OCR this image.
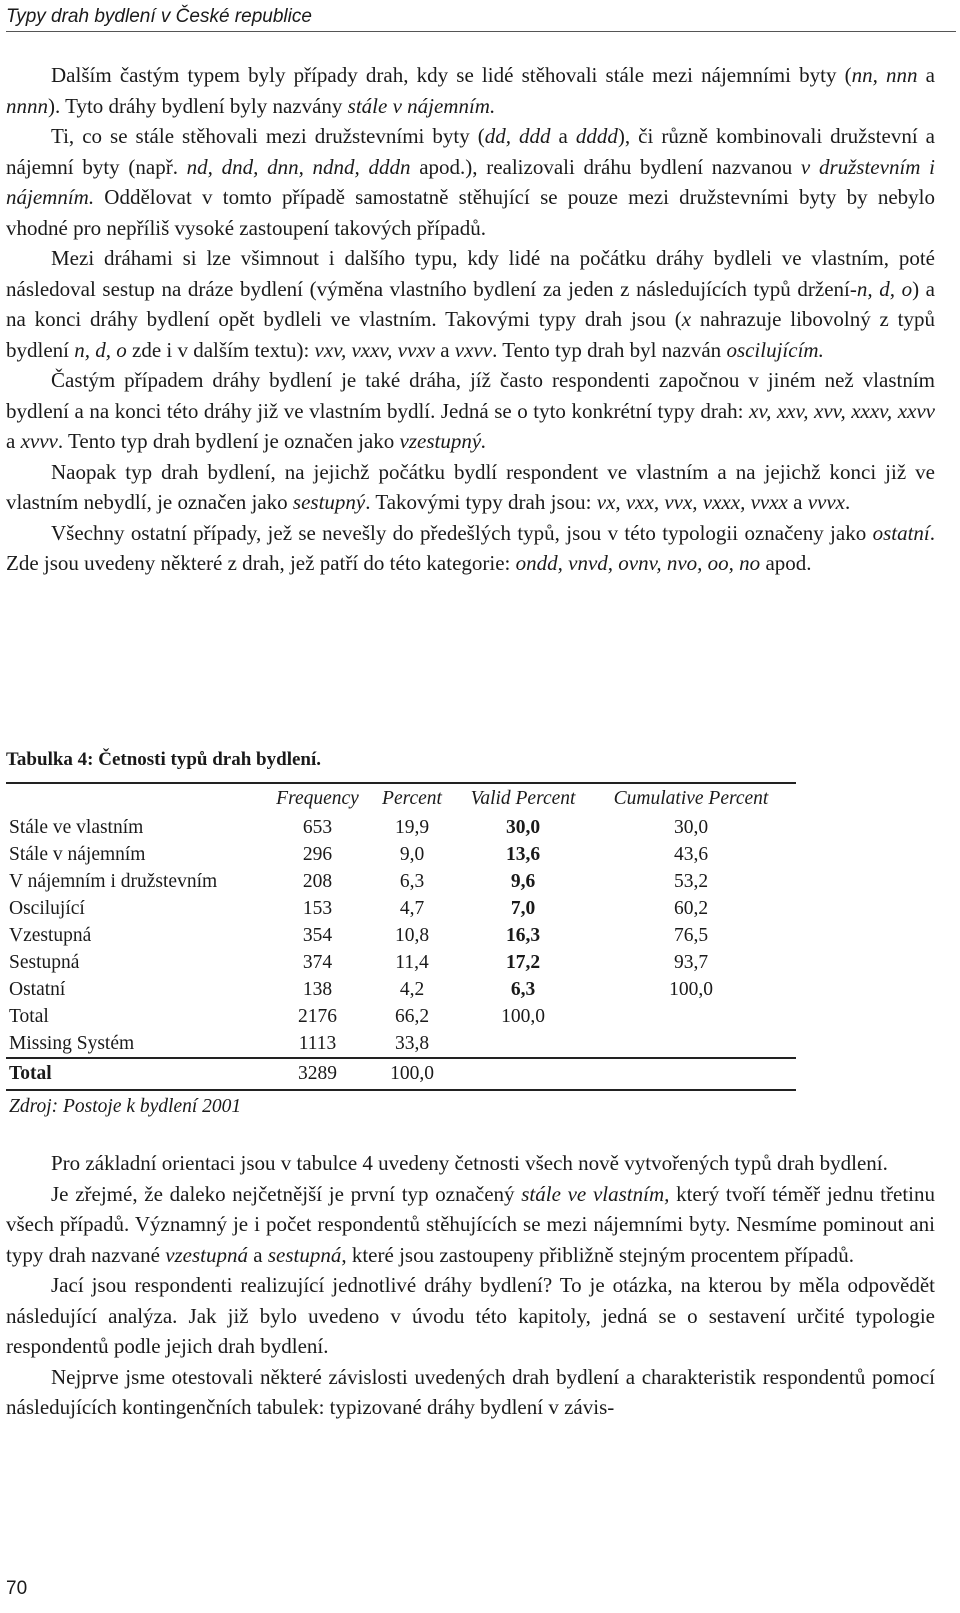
Typy drah bydlení v České republice

Dalším častým typem byly případy drah, kdy se lidé stěhovali stále mezi nájemními byty (nn, nnn a nnnn). Tyto dráhy bydlení byly nazvány stále v nájemním.

Ti, co se stále stěhovali mezi družstevními byty (dd, ddd a dddd), či různě kombinovali družstevní a nájemní byty (např. nd, dnd, dnn, ndnd, dddn apod.), realizovali dráhu bydlení nazvanou v družstevním i nájemním. Oddělovat v tomto případě samostatně stěhující se pouze mezi družstevními byty by nebylo vhodné pro nepříliš vysoké zastoupení takových případů.

Mezi dráhami si lze všimnout i dalšího typu, kdy lidé na počátku dráhy bydleli ve vlastním, poté následoval sestup na dráze bydlení (výměna vlastního bydlení za jeden z následujících typů držení-n, d, o) a na konci dráhy bydlení opět bydleli ve vlastním. Takovými typy drah jsou (x nahrazuje libovolný z typů bydlení n, d, o zde i v dalším textu): vxv, vxxv, vvxv a vxvv. Tento typ drah byl nazván oscilujícím.

Častým případem dráhy bydlení je také dráha, jíž často respondenti započnou v jiném než vlastním bydlení a na konci této dráhy již ve vlastním bydlí. Jedná se o tyto konkrétní typy drah: xv, xxv, xvv, xxxv, xxvv a xvvv. Tento typ drah bydlení je označen jako vzestupný.

Naopak typ drah bydlení, na jejichž počátku bydlí respondent ve vlastním a na jejichž konci již ve vlastním nebydlí, je označen jako sestupný. Takovými typy drah jsou: vx, vxx, vvx, vxxx, vvxx a vvvx.

Všechny ostatní případy, jež se nevešly do předešlých typů, jsou v této typologii označeny jako ostatní. Zde jsou uvedeny některé z drah, jež patří do této kategorie: ondd, vnvd, ovnv, nvo, oo, no apod.

Tabulka 4: Četnosti typů drah bydlení.
Frequency	Percent	Valid Percent	Cumulative Percent
Stále ve vlastním	653	19,9	30,0	30,0
Stále v nájemním	296	9,0	13,6	43,6
V nájemním i družstevním	208	6,3	9,6	53,2
Oscilující	153	4,7	7,0	60,2
Vzestupná	354	10,8	16,3	76,5
Sestupná	374	11,4	17,2	93,7
Ostatní	138	4,2	6,3	100,0
Total	2176	66,2	100,0
Missing Systém	1113	33,8
Total	3289	100,0
Zdroj: Postoje k bydlení 2001

Pro základní orientaci jsou v tabulce 4 uvedeny četnosti všech nově vytvořených typů drah bydlení.

Je zřejmé, že daleko nejčetnější je první typ označený stále ve vlastním, který tvoří téměř jednu třetinu všech případů. Významný je i počet respondentů stěhujících se mezi nájemními byty. Nesmíme pominout ani typy drah nazvané vzestupná a sestupná, které jsou zastoupeny přibližně stejným procentem případů.

Jací jsou respondenti realizující jednotlivé dráhy bydlení? To je otázka, na kterou by měla odpovědět následující analýza. Jak již bylo uvedeno v úvodu této kapitoly, jedná se o sestavení určité typologie respondentů podle jejich drah bydlení.

Nejprve jsme otestovali některé závislosti uvedených drah bydlení a charakteristik respondentů pomocí následujících kontingenčních tabulek: typizované dráhy bydlení v závis-

70
